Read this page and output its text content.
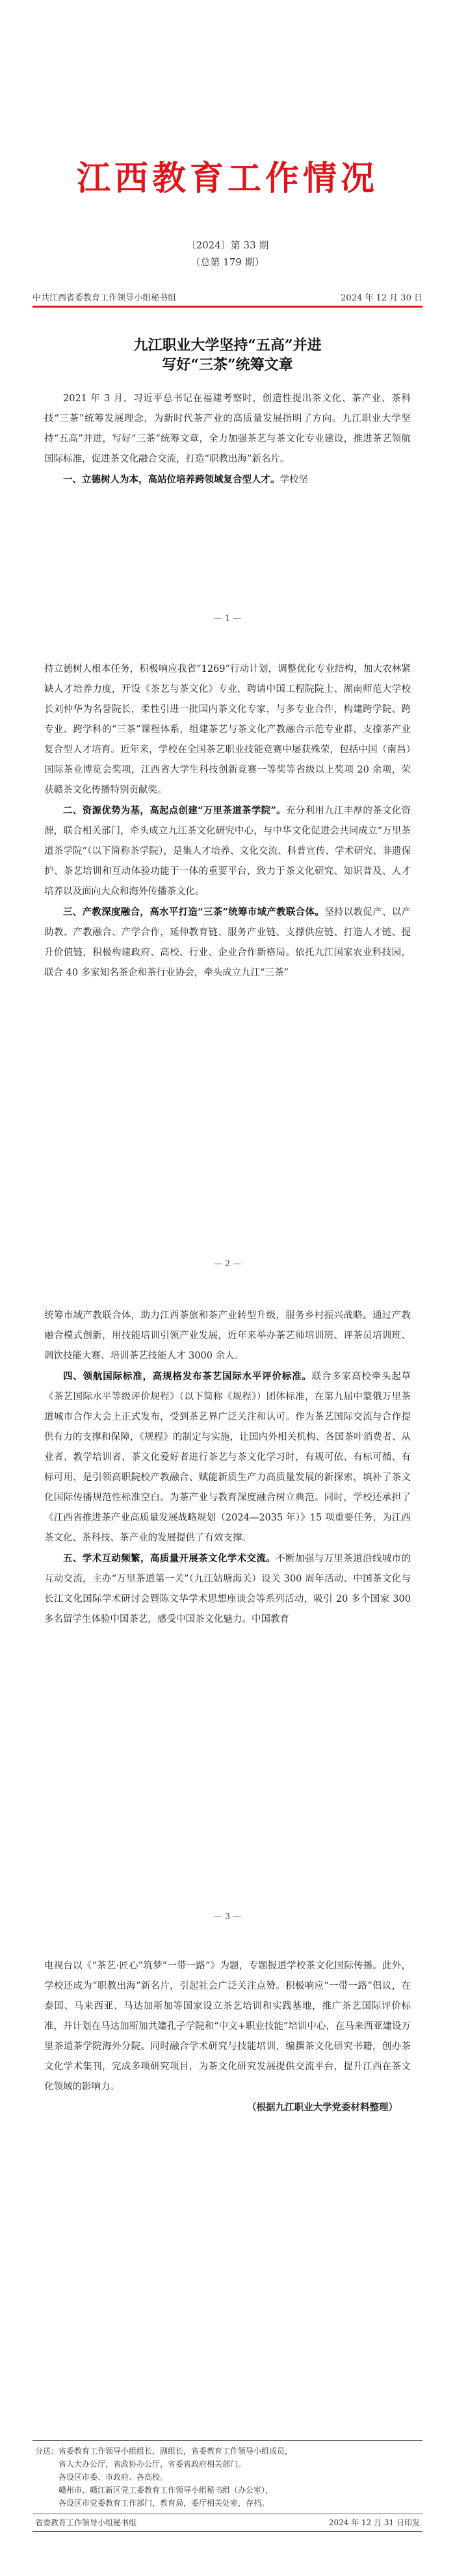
江西教育工作情况
〔2024〕第 33 期
（总第 179 期）
中共江西省委教育工作领导小组秘书组	2024 年 12 月 30 日
九江职业大学坚持“五高”并进
写好“三茶”统筹文章

2021 年 3 月，习近平总书记在福建考察时，创造性提出茶文化、茶产业、茶科技“三茶”统筹发展理念，为新时代茶产业的高质量发展指明了方向。九江职业大学坚持“五高”并进，写好“三茶”统筹文章，全力加强茶艺与茶文化专业建设，推进茶艺领航国际标准，促进茶文化融合交流，打造“职教出海”新名片。

一、立德树人为本，高站位培养跨领域复合型人才。学校坚

— 1 —

持立德树人根本任务，积极响应我省“1269”行动计划，调整优化专业结构，加大农林紧缺人才培养力度，开设《茶艺与茶文化》专业，聘请中国工程院院士、湖南师范大学校长刘仲华为名誉院长，柔性引进一批国内茶文化专家，与多专业合作，构建跨学院、跨专业、跨学科的“三茶”课程体系，组建茶艺与茶文化产教融合示范专业群，支撑茶产业复合型人才培育。近年来，学校在全国茶艺职业技能竞赛中屡获殊荣，包括中国（南昌）国际茶业博览会奖项，江西省大学生科技创新竞赛一等奖等省级以上奖项 20 余项，荣获赣茶文化传播特别贡献奖。

二、资源优势为基，高起点创建“万里茶道茶学院”。充分利用九江丰厚的茶文化资源，联合相关部门，牵头成立九江茶文化研究中心，与中华文化促进会共同成立“万里茶道茶学院”（以下简称茶学院），是集人才培养、文化交流、科普宣传、学术研究、非遗保护、茶艺培训和互动体验功能于一体的重要平台，致力于茶文化研究、知识普及、人才培养以及面向大众和海外传播茶文化。

三、产教深度融合，高水平打造“三茶”统筹市域产教联合体。坚持以教促产、以产助教、产教融合、产学合作，延伸教育链、服务产业链、支撑供应链、打造人才链、提升价值链，积极构建政府、高校、行业、企业合作新格局。依托九江国家农业科技园，联合 40 多家知名茶企和茶行业协会，牵头成立九江“三茶”

— 2 —

统筹市域产教联合体，助力江西茶旅和茶产业转型升级，服务乡村振兴战略。通过产教融合模式创新，用技能培训引领产业发展，近年来举办茶艺师培训班、评茶员培训班、调饮技能大赛、培训茶艺技能人才 3000 余人。

四、领航国际标准，高规格发布茶艺国际水平评价标准。联合多家高校牵头起草《茶艺国际水平等级评价规程》（以下简称《规程》）团体标准，在第九届中蒙俄万里茶道城市合作大会上正式发布，受到茶艺界广泛关注和认可。作为茶艺国际交流与合作提供有力的支撑和保障，《规程》的制定与实施，让国内外相关机构、各国茶叶消费者、从业者、教学培训者、茶文化爱好者进行茶艺与茶文化学习时，有规可依、有标可循、有标可用，是引领高职院校产教融合、赋能新质生产力高质量发展的新探索，填补了茶文化国际传播规范性标准空白。为茶产业与教育深度融合树立典范。同时，学校还承担了《江西省推进茶产业高质量发展战略规划（2024—2035 年）》15 项重要任务，为江西茶文化、茶科技、茶产业的发展提供了有效支撑。

五、学术互动频繁，高质量开展茶文化学术交流。不断加强与万里茶道沿线城市的互动交流，主办“万里茶道第一关”（九江姑塘海关）设关 300 周年活动、中国茶文化与长江文化国际学术研讨会暨陈文华学术思想座谈会等系列活动，吸引 20 多个国家 300 多名留学生体验中国茶艺，感受中国茶文化魅力。中国教育

— 3 —

电视台以《“茶艺·匠心”筑梦“一带一路”》为题，专题报道学校茶文化国际传播。此外，学校还成为“职教出海”新名片，引起社会广泛关注点赞。积极响应“一带一路”倡议，在泰国、马来西亚、马达加斯加等国家设立茶艺培训和实践基地，推广茶艺国际评价标准，并计划在马达加斯加共建孔子学院和“中文+职业技能”培训中心，在马来西亚建设万里茶道茶学院海外分院。同时融合学术研究与技能培训，编撰茶文化研究书籍，创办茶文化学术集刊，完成多项研究项目，为茶文化研究发展提供交流平台，提升江西在茶文化领域的影响力。

（根据九江职业大学党委材料整理）

分送：省委教育工作领导小组组长、副组长，省委教育工作领导小组成员，
省人大办公厅，省政协办公厅，省委省政府相关部门。
各设区市委、市政府、各高校。
赣州市、赣江新区党工委教育工作领导小组秘书组（办公室），
各设区市党委教育工作部门，教育局，委厅相关处室，存档。
省委教育工作领导小组秘书组	2024 年 12 月 31 日印发
